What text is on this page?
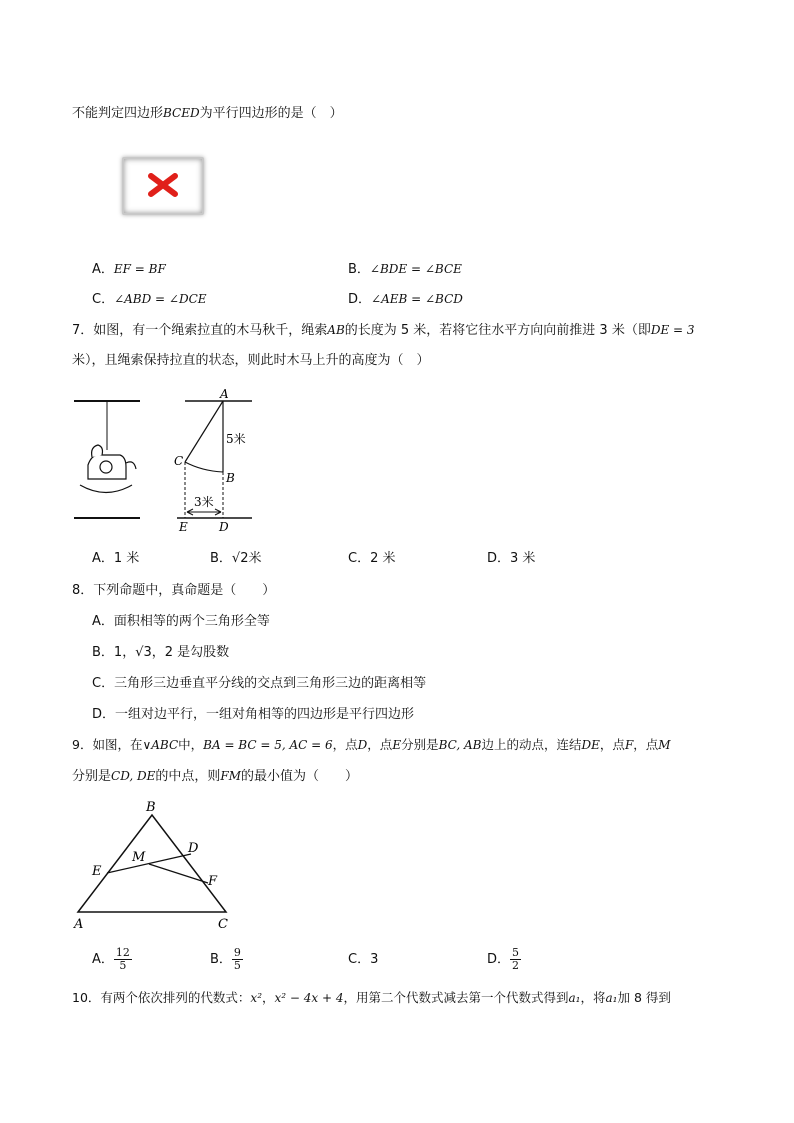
不能判定四边形BCED为平行四边形的是（　）
A．EF = BF	B．∠BDE = ∠BCE
C．∠ABD = ∠DCE	D．∠AEB = ∠BCD
7．如图，有一个绳索拉直的木马秋千，绳索AB的长度为 5 米，若将它往水平方向向前推进 3 米（即DE = 3
米），且绳索保持拉直的状态，则此时木马上升的高度为（　）
A
5米
C
B
3米
E	D
A．1 米	B．√2米	C．2 米	D．3 米
8．下列命题中，真命题是（　　）
A．面积相等的两个三角形全等
B．1，√3，2 是勾股数
C．三角形三边垂直平分线的交点到三角形三边的距离相等
D．一组对边平行，一组对角相等的四边形是平行四边形
9．如图，在∨ABC中，BA = BC = 5, AC = 6，点D，点E分别是BC, AB边上的动点，连结DE，点F，点M
分别是CD, DE的中点，则FM的最小值为（　　）
B
D
M
E
F
A	C
A． $\frac{12}{5}$	B． $\frac{9}{5}$	C．3	D． $\frac{5}{2}$
10．有两个依次排列的代数式：x²，x² − 4x + 4，用第二个代数式减去第一个代数式得到a₁，将a₁加 8 得到
